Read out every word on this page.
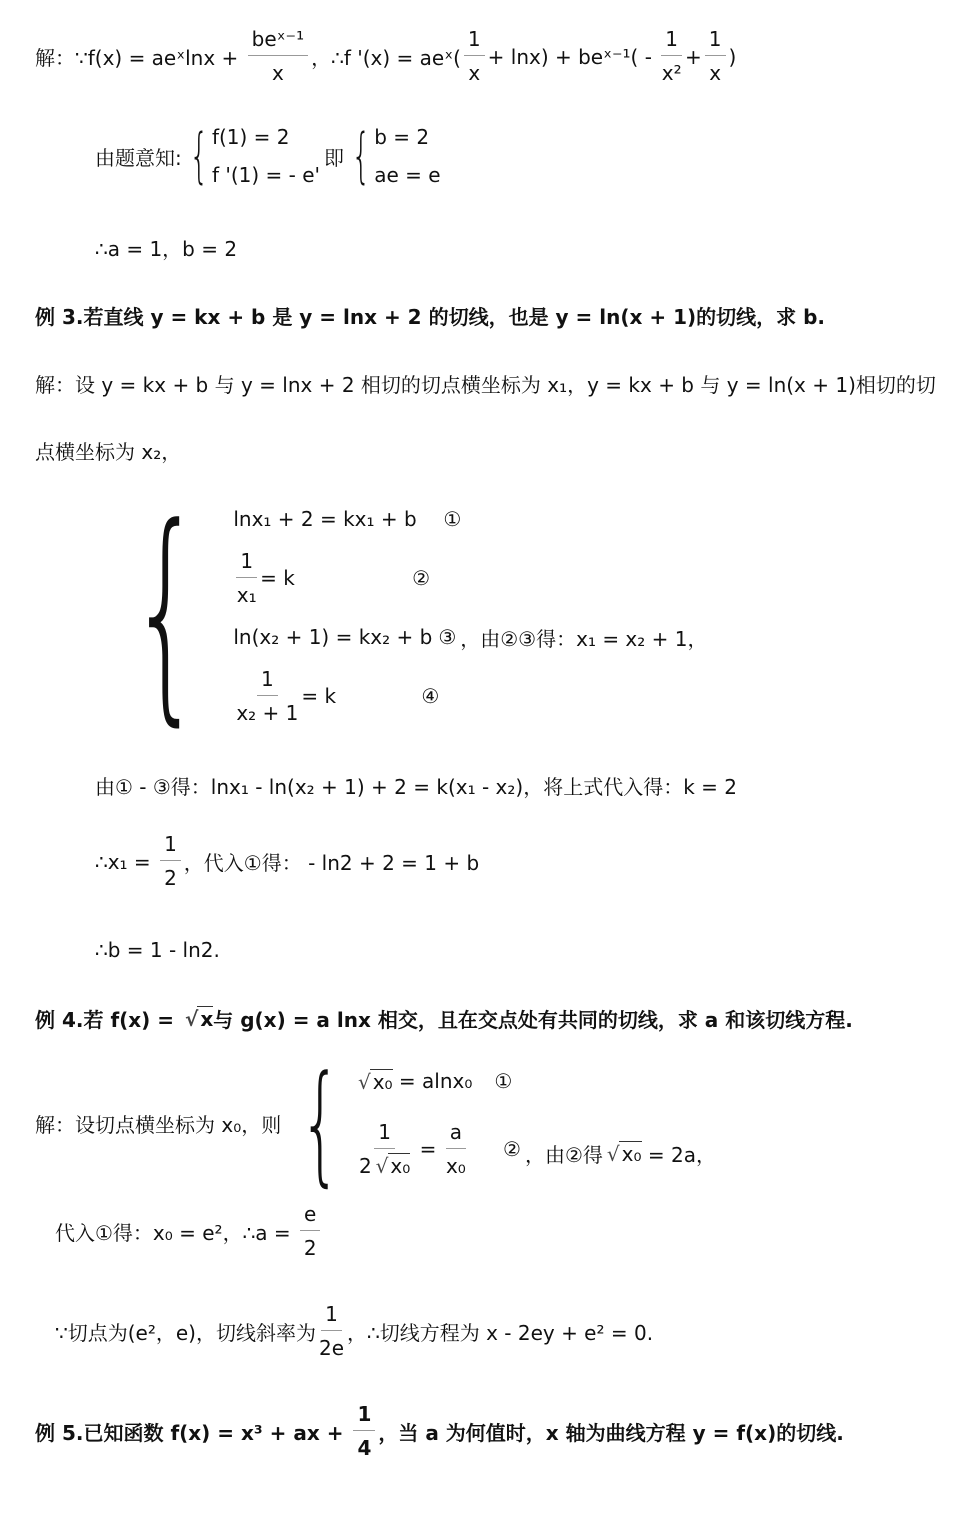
解：∵f(x) = aeˣlnx +
beˣ⁻¹
x
，∴f '(x) = aeˣ(
1
x
+ lnx) + beˣ⁻¹( -
1
x²
+ $\frac{1}{x}$ )
由题意知: { f(1) = 2
f '(1) = - e'
即 { b = 2
ae = e
∴a = 1，b = 2
例 3.若直线 y = kx + b 是 y = lnx + 2 的切线，也是 y = ln(x + 1)的切线，求 b.
解：设 y = kx + b 与 y = lnx + 2 相切的切点横坐标为 x₁，y = kx + b 与 y = ln(x + 1)相切的切
点横坐标为 x₂，
{ lnx₁ + 2 = kx₁ + b	①
$\frac{1}{\text{x₁}} = k$	②
ln(x₂ + 1) = kx₂ + b ③ ，由②③得：x₁ = x₂ + 1，
$\frac{1}{\text{x₂ + 1}} = k$	④
由① - ③得：lnx₁ - ln(x₂ + 1) + 2 = k(x₁ - x₂)，将上式代入得：k = 2
∴x₁ = $\frac{1}{2}$ ，代入①得： - ln2 + 2 = 1 + b
∴b = 1 - ln2.
例 4.若 f(x) = √ x 与 g(x) = a lnx 相交，且在交点处有共同的切线，求 a 和该切线方程.
解：设切点横坐标为 x₀，则 { √ x₀ = alnx₀ ①
$\frac{1}{\text{2 √ x₀}} = \frac{a}{\text{x₀}}$ ② ，由②得 √ x₀ = 2a，
代入①得：x₀ = e²，∴a = $\frac{e}{2}$
∵切点为(e²，e)，切线斜率为
1
2e
，∴切线方程为 x - 2ey + e² = 0.
例 5.已知函数 f(x) = x³ + ax + $\frac{1}{4}$ ，当 a 为何值时，x 轴为曲线方程 y = f(x)的切线.
